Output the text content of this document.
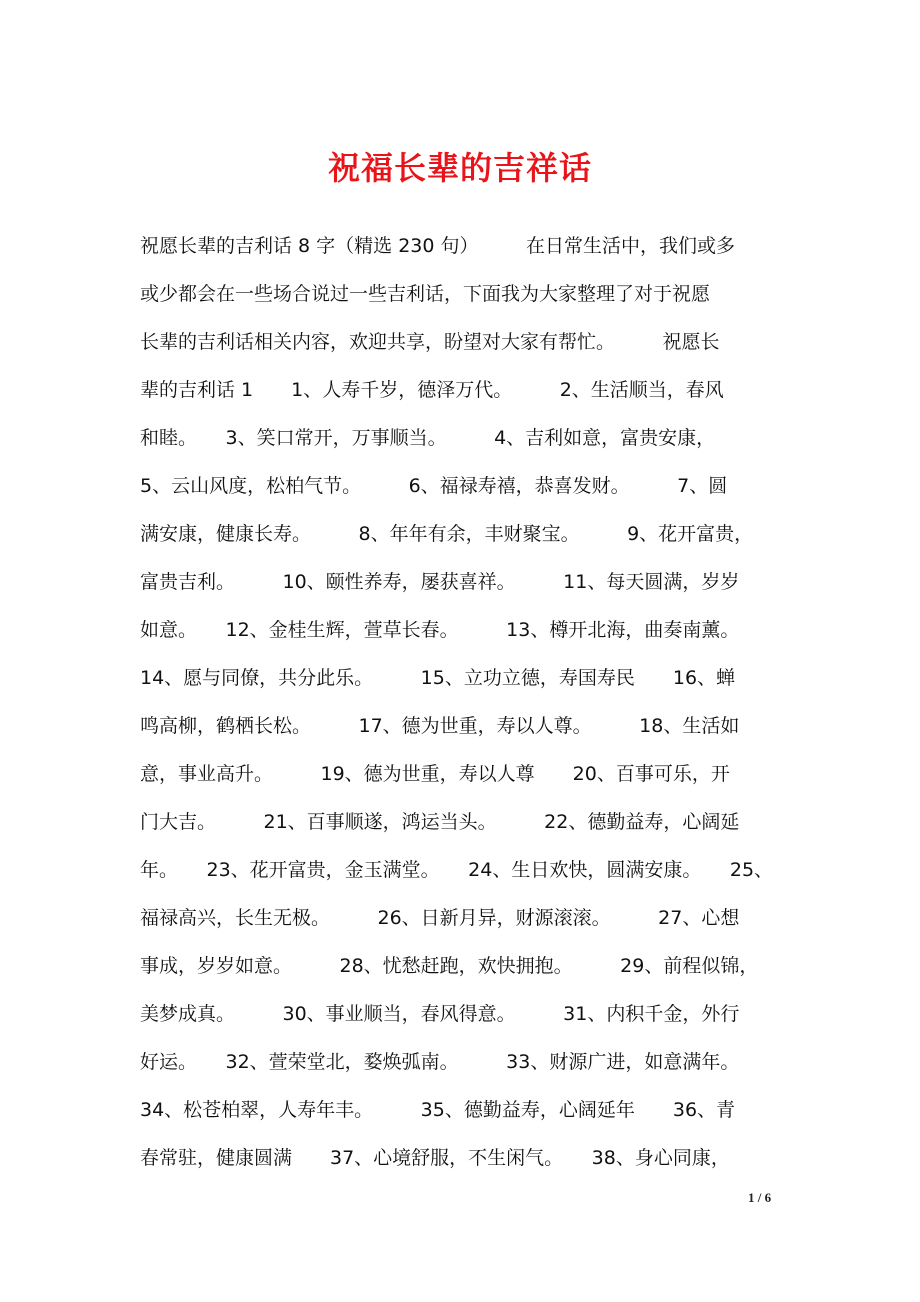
祝福长辈的吉祥话
祝愿长辈的吉利话 8 字（精选 230 句）　　　在日常生活中，我们或多
或少都会在一些场合说过一些吉利话，下面我为大家整理了对于祝愿
长辈的吉利话相关内容，欢迎共享，盼望对大家有帮忙。　　　祝愿长
辈的吉利话 1　　1、人寿千岁，德泽万代。　　　2、生活顺当，春风
和睦。　　3、笑口常开，万事顺当。　　　4、吉利如意，富贵安康，
5、云山风度，松柏气节。　　　6、福禄寿禧，恭喜发财。　　　7、圆
满安康，健康长寿。　　　8、年年有余，丰财聚宝。　　　9、花开富贵，
富贵吉利。　　　10、颐性养寿，屡获喜祥。　　　11、每天圆满，岁岁
如意。　　12、金桂生辉，萱草长春。　　　13、樽开北海，曲奏南薰。
14、愿与同僚，共分此乐。　　　15、立功立德，寿国寿民　　16、蝉
鸣高柳，鹤栖长松。　　　17、德为世重，寿以人尊。　　　18、生活如
意，事业高升。　　　19、德为世重，寿以人尊　　20、百事可乐，开
门大吉。　　　21、百事顺遂，鸿运当头。　　　22、德勤益寿，心阔延
年。　　23、花开富贵，金玉满堂。　　24、生日欢快，圆满安康。　　25、
福禄高兴，长生无极。　　　26、日新月异，财源滚滚。　　　27、心想
事成，岁岁如意。　　　28、忧愁赶跑，欢快拥抱。　　　29、前程似锦，
美梦成真。　　　30、事业顺当，春风得意。　　　31、内积千金，外行
好运。　　32、萱荣堂北，婺焕弧南。　　　33、财源广进，如意满年。
34、松苍柏翠，人寿年丰。　　　35、德勤益寿，心阔延年　　36、青
春常驻，健康圆满　　37、心境舒服，不生闲气。　　38、身心同康，
1 / 6
